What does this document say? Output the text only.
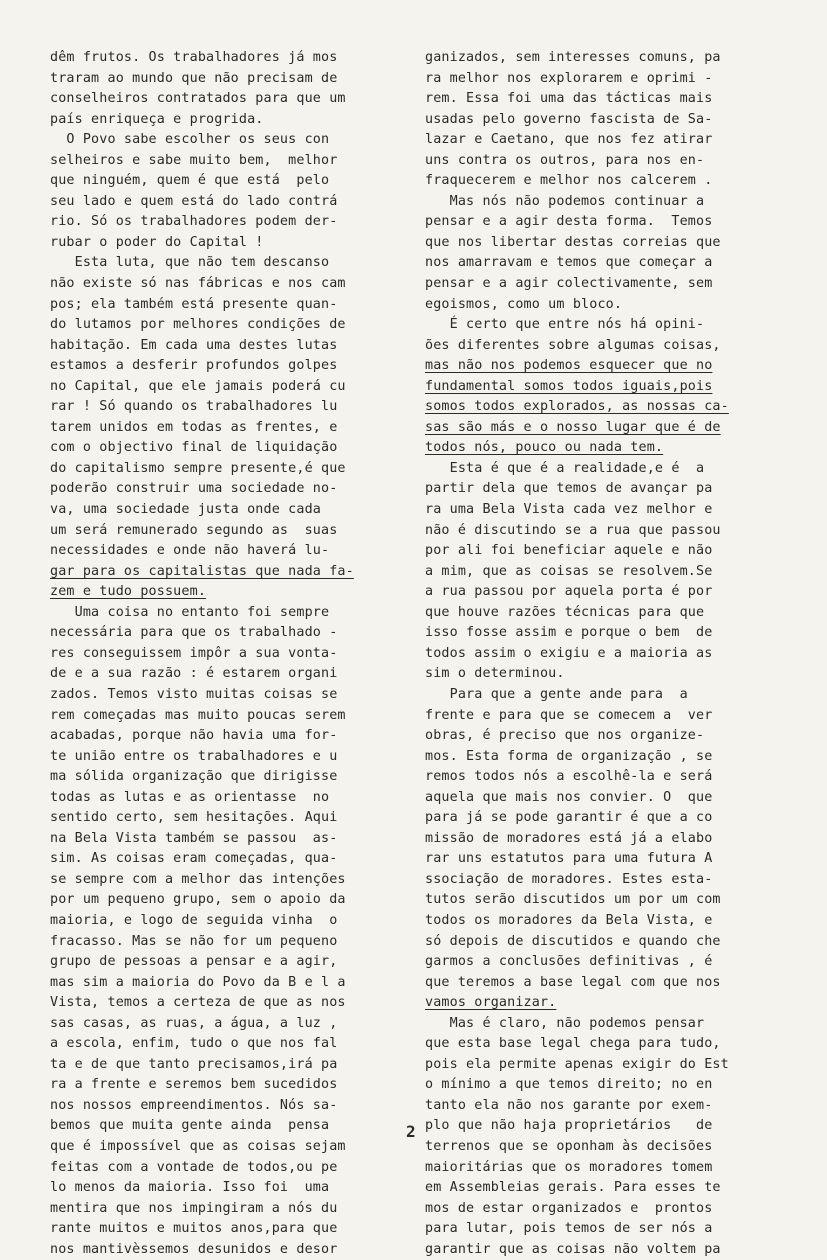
dêm frutos. Os trabalhadores já mos
traram ao mundo que não precisam de
conselheiros contratados para que um
país enriqueça e progrida.
O Povo sabe escolher os seus con
selheiros e sabe muito bem,  melhor
que ninguém, quem é que está  pelo
seu lado e quem está do lado contrá
rio. Só os trabalhadores podem der-
rubar o poder do Capital !
Esta luta, que não tem descanso
não existe só nas fábricas e nos cam
pos; ela também está presente quan-
do lutamos por melhores condições de
habitação. Em cada uma destes lutas
estamos a desferir profundos golpes
no Capital, que ele jamais poderá cu
rar ! Só quando os trabalhadores lu
tarem unidos em todas as frentes, e
com o objectivo final de liquidação
do capitalismo sempre presente,é que
poderão construir uma sociedade no-
va, uma sociedade justa onde cada
um será remunerado segundo as  suas
necessidades e onde não haverá lu-
gar para os capitalistas que nada fa-
zem e tudo possuem.
Uma coisa no entanto foi sempre
necessária para que os trabalhado -
res conseguissem impôr a sua vonta-
de e a sua razão : é estarem organi
zados. Temos visto muitas coisas se
rem começadas mas muito poucas serem
acabadas, porque não havia uma for-
te união entre os trabalhadores e u
ma sólida organização que dirigisse
todas as lutas e as orientasse  no
sentido certo, sem hesitações. Aqui
na Bela Vista também se passou  as-
sim. As coisas eram começadas, qua-
se sempre com a melhor das intenções
por um pequeno grupo, sem o apoio da
maioria, e logo de seguida vinha  o
fracasso. Mas se não for um pequeno
grupo de pessoas a pensar e a agir,
mas sim a maioria do Povo da B e l a
Vista, temos a certeza de que as nos
sas casas, as ruas, a água, a luz ,
a escola, enfim, tudo o que nos fal
ta e de que tanto precisamos,irá pa
ra a frente e seremos bem sucedidos
nos nossos empreendimentos. Nós sa-
bemos que muita gente ainda  pensa
que é impossível que as coisas sejam
feitas com a vontade de todos,ou pe
lo menos da maioria. Isso foi  uma
mentira que nos impingiram a nós du
rante muitos e muitos anos,para que
nos mantivèssemos desunidos e desor
ganizados, sem interesses comuns, pa
ra melhor nos explorarem e oprimi -
rem. Essa foi uma das tácticas mais
usadas pelo governo fascista de Sa-
lazar e Caetano, que nos fez atirar
uns contra os outros, para nos en-
fraquecerem e melhor nos calcerem .
Mas nós não podemos continuar a
pensar e a agir desta forma.  Temos
que nos libertar destas correias que
nos amarravam e temos que começar a
pensar e a agir colectivamente, sem
egoismos, como um bloco.
É certo que entre nós há opini-
ões diferentes sobre algumas coisas,
mas não nos podemos esquecer que no
fundamental somos todos iguais,pois
somos todos explorados, as nossas ca-
sas são más e o nosso lugar que é de
todos nós, pouco ou nada tem.
Esta é que é a realidade,e é  a
partir dela que temos de avançar pa
ra uma Bela Vista cada vez melhor e
não é discutindo se a rua que passou
por ali foi beneficiar aquele e não
a mim, que as coisas se resolvem.Se
a rua passou por aquela porta é por
que houve razões técnicas para que
isso fosse assim e porque o bem  de
todos assim o exigiu e a maioria as
sim o determinou.
Para que a gente ande para  a
frente e para que se comecem a  ver
obras, é preciso que nos organize-
mos. Esta forma de organização , se
remos todos nós a escolhê-la e será
aquela que mais nos convier. O  que
para já se pode garantir é que a co
missão de moradores está já a elabo
rar uns estatutos para uma futura A
ssociação de moradores. Estes esta-
tutos serão discutidos um por um com
todos os moradores da Bela Vista, e
só depois de discutidos e quando che
garmos a conclusões definitivas , é
que teremos a base legal com que nos
vamos organizar.
Mas é claro, não podemos pensar
que esta base legal chega para tudo,
pois ela permite apenas exigir do Est
o mínimo a que temos direito; no en
tanto ela não nos garante por exem-
plo que não haja proprietários   de
terrenos que se oponham às decisões
maioritárias que os moradores tomem
em Assembleias gerais. Para esses te
mos de estar organizados e  prontos
para lutar, pois temos de ser nós a
garantir que as coisas não voltem pa
2
